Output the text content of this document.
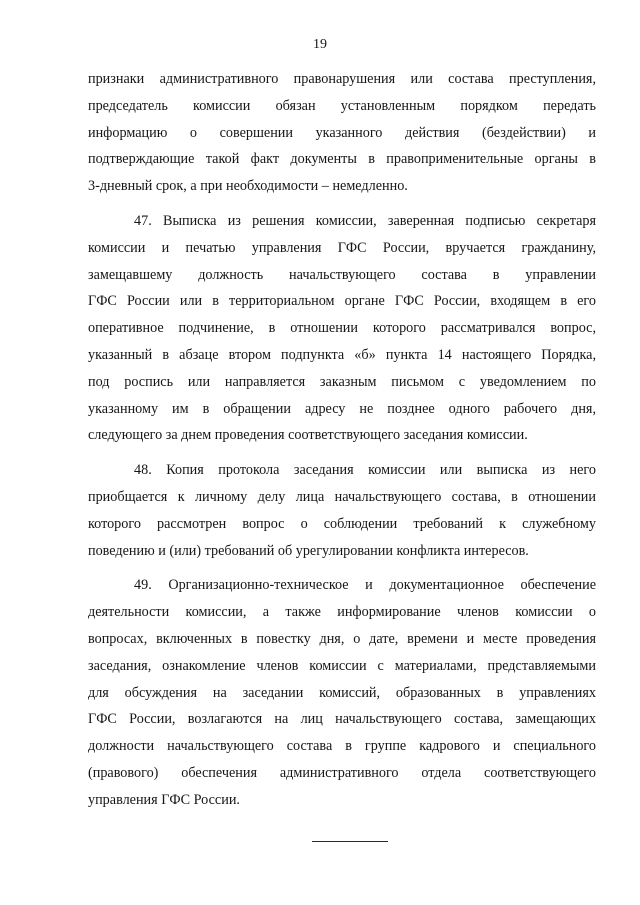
19

признаки административного правонарушения или состава преступления,
председатель комиссии обязан установленным порядком передать
информацию о совершении указанного действия (бездействии) и
подтверждающие такой факт документы в правоприменительные органы в
3-дневный срок, а при необходимости – немедленно.

47. Выписка из решения комиссии, заверенная подписью секретаря
комиссии и печатью управления ГФС России, вручается гражданину,
замещавшему должность начальствующего состава в управлении
ГФС России или в территориальном органе ГФС России, входящем в его
оперативное подчинение, в отношении которого рассматривался вопрос,
указанный в абзаце втором подпункта «б» пункта 14 настоящего Порядка,
под роспись или направляется заказным письмом с уведомлением по
указанному им в обращении адресу не позднее одного рабочего дня,
следующего за днем проведения соответствующего заседания комиссии.

48. Копия протокола заседания комиссии или выписка из него
приобщается к личному делу лица начальствующего состава, в отношении
которого рассмотрен вопрос о соблюдении требований к служебному
поведению и (или) требований об урегулировании конфликта интересов.

49. Организационно-техническое и документационное обеспечение
деятельности комиссии, а также информирование членов комиссии о
вопросах, включенных в повестку дня, о дате, времени и месте проведения
заседания, ознакомление членов комиссии с материалами, представляемыми
для обсуждения на заседании комиссий, образованных в управлениях
ГФС России, возлагаются на лиц начальствующего состава, замещающих
должности начальствующего состава в группе кадрового и специального
(правового) обеспечения административного отдела соответствующего
управления ГФС России.
